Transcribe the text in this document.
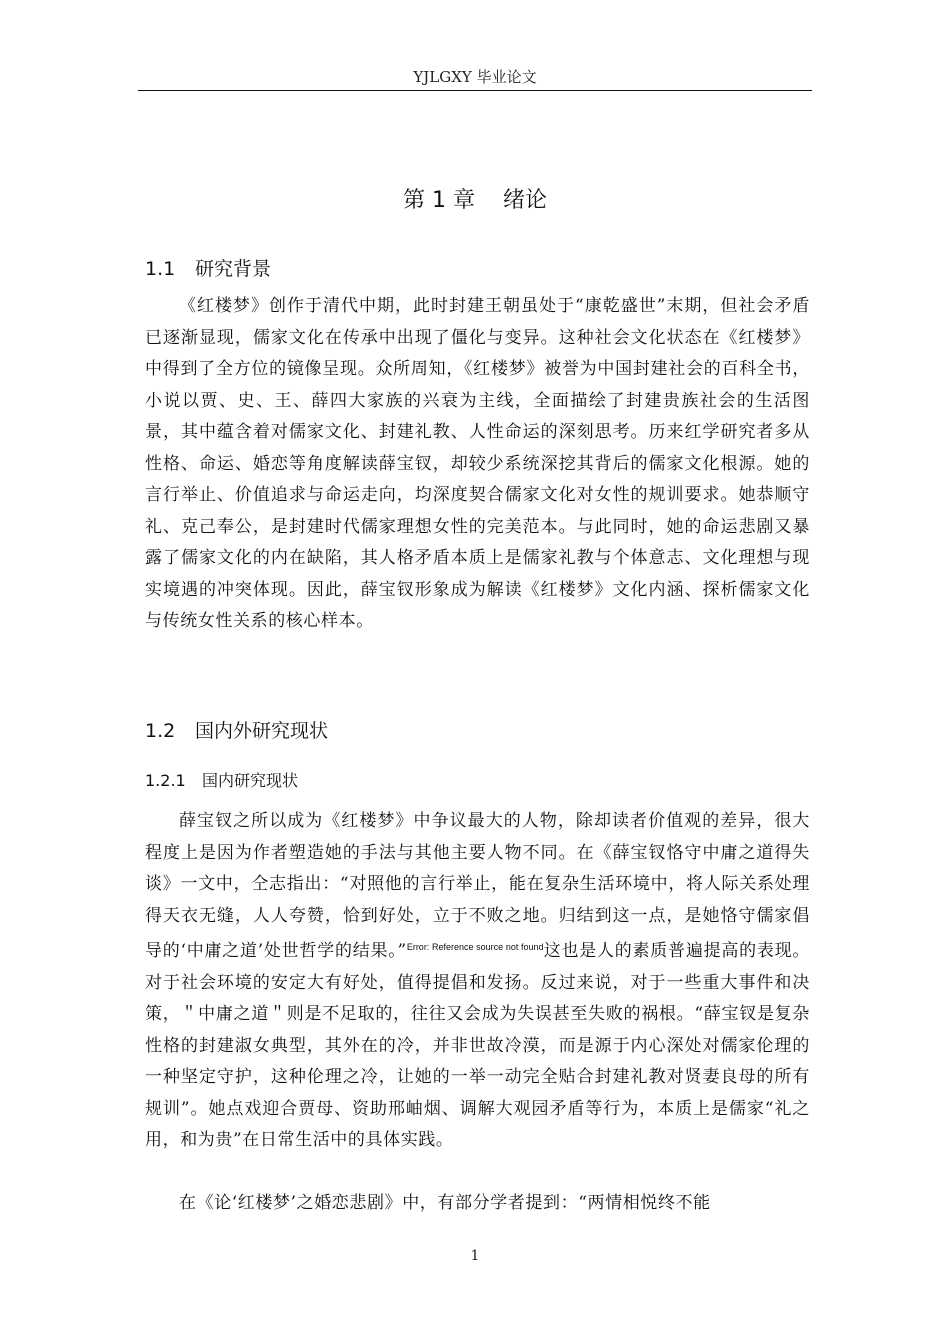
YJLGXY 毕业论文
第 1 章 绪论
1.1 研究背景

《红楼梦》创作于清代中期，此时封建王朝虽处于“康乾盛世”末期，但社会矛盾已逐渐显现，儒家文化在传承中出现了僵化与变异。这种社会文化状态在《红楼梦》中得到了全方位的镜像呈现。众所周知，《红楼梦》被誉为中国封建社会的百科全书，小说以贾、史、王、薛四大家族的兴衰为主线，全面描绘了封建贵族社会的生活图景，其中蕴含着对儒家文化、封建礼教、人性命运的深刻思考。历来红学研究者多从性格、命运、婚恋等角度解读薛宝钗，却较少系统深挖其背后的儒家文化根源。她的言行举止、价值追求与命运走向，均深度契合儒家文化对女性的规训要求。她恭顺守礼、克己奉公，是封建时代儒家理想女性的完美范本。与此同时，她的命运悲剧又暴露了儒家文化的内在缺陷，其人格矛盾本质上是儒家礼教与个体意志、文化理想与现实境遇的冲突体现。因此，薛宝钗形象成为解读《红楼梦》文化内涵、探析儒家文化与传统女性关系的核心样本。

1.2 国内外研究现状
1.2.1 国内研究现状

薛宝钗之所以成为《红楼梦》中争议最大的人物，除却读者价值观的差异，很大程度上是因为作者塑造她的手法与其他主要人物不同。在《薛宝钗恪守中庸之道得失谈》一文中，仝志指出：“对照他的言行举止，能在复杂生活环境中，将人际关系处理得天衣无缝，人人夸赞，恰到好处，立于不败之地。归结到这一点，是她恪守儒家倡导的‘中庸之道’处世哲学的结果。”$^{Error: Reference source not found}$这也是人的素质普遍提高的表现。对于社会环境的安定大有好处，值得提倡和发扬。反过来说，对于一些重大事件和决策，＂中庸之道＂则是不足取的，往往又会成为失误甚至失败的祸根。“薛宝钗是复杂性格的封建淑女典型，其外在的冷，并非世故冷漠，而是源于内心深处对儒家伦理的一种坚定守护，这种伦理之冷，让她的一举一动完全贴合封建礼教对贤妻良母的所有规训”。她点戏迎合贾母、资助邢岫烟、调解大观园矛盾等行为，本质上是儒家“礼之用，和为贵”在日常生活中的具体实践。

在《论‘红楼梦’之婚恋悲剧》中，有部分学者提到：“两情相悦终不能

1
